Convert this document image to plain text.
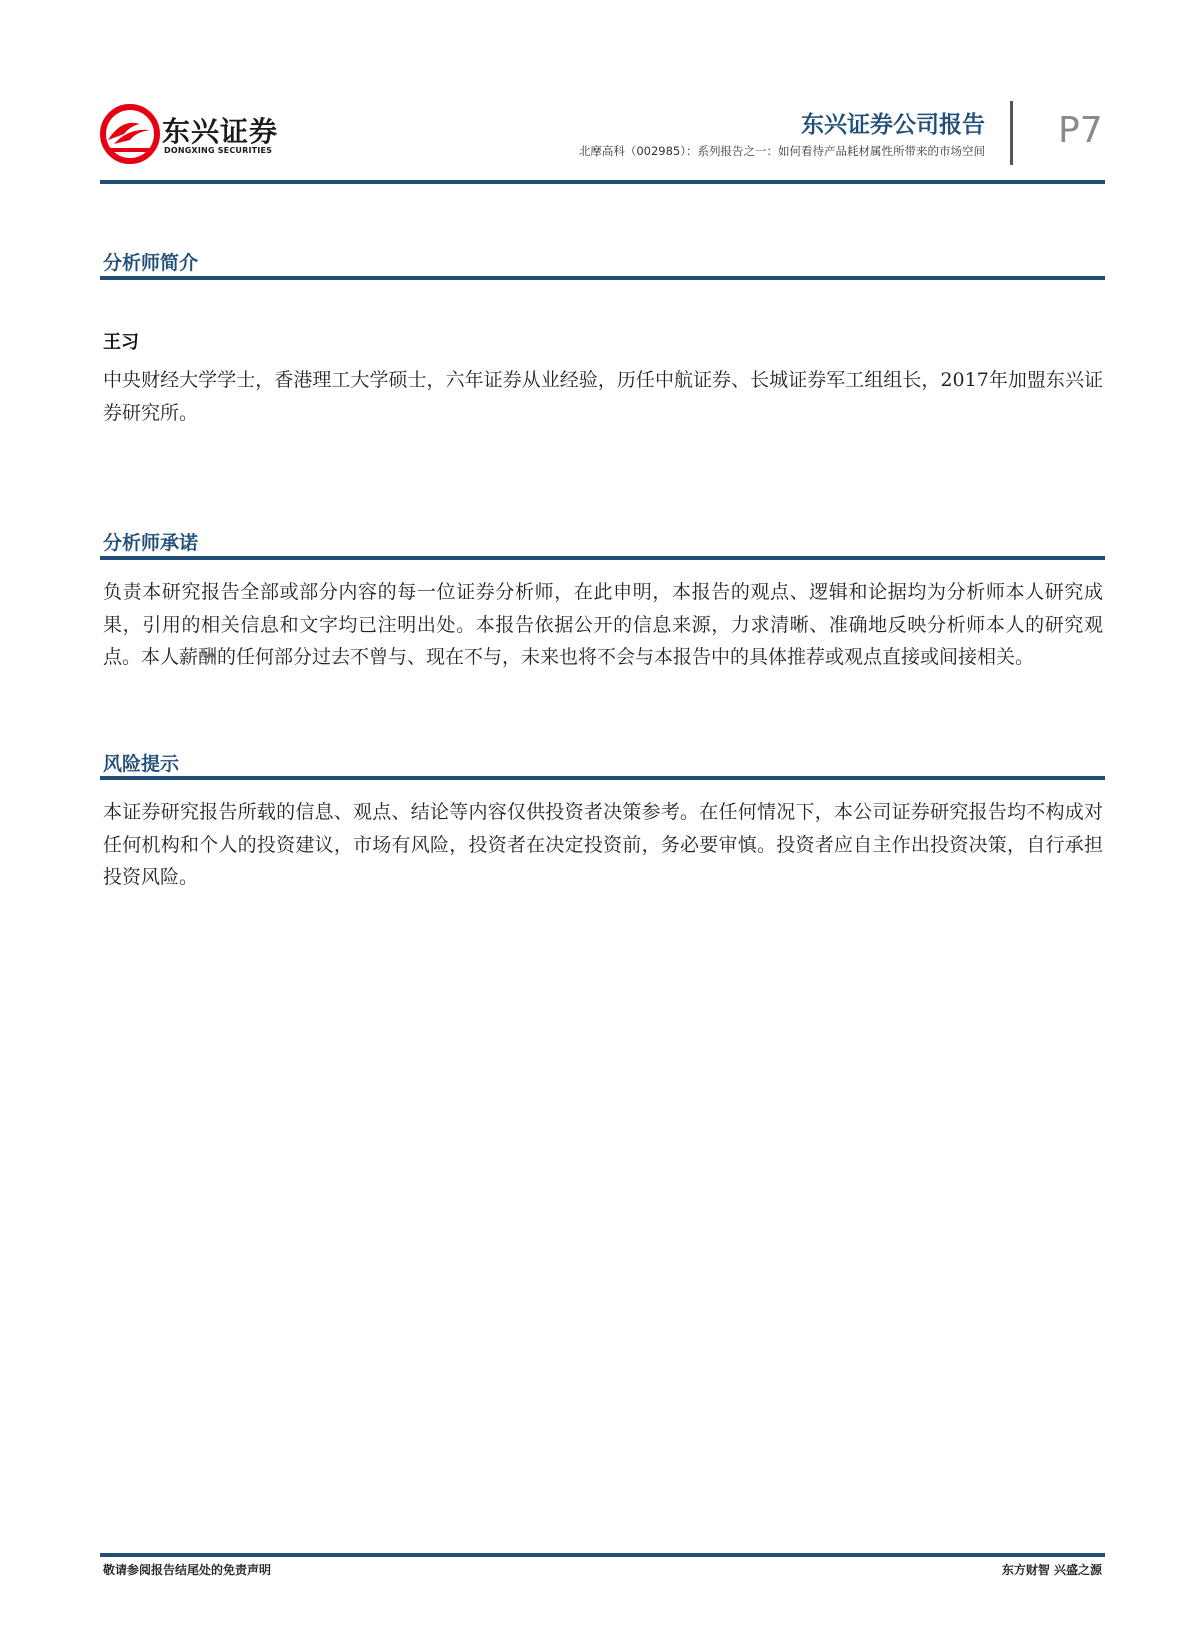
东兴证券
DONGXING SECURITIES
东兴证券公司报告
北摩高科（002985）：系列报告之一：如何看待产品耗材属性所带来的市场空间 P7
分析师简介
王习

中央财经大学学士，香港理工大学硕士，六年证券从业经验，历任中航证券、长城证券军工组组长，2017年加盟东兴证券研究所。

分析师承诺

负责本研究报告全部或部分内容的每一位证券分析师，在此申明，本报告的观点、逻辑和论据均为分析师本人研究成果，引用的相关信息和文字均已注明出处。本报告依据公开的信息来源，力求清晰、准确地反映分析师本人的研究观点。本人薪酬的任何部分过去不曾与、现在不与，未来也将不会与本报告中的具体推荐或观点直接或间接相关。

风险提示

本证券研究报告所载的信息、观点、结论等内容仅供投资者决策参考。在任何情况下，本公司证券研究报告均不构成对任何机构和个人的投资建议，市场有风险，投资者在决定投资前，务必要审慎。投资者应自主作出投资决策，自行承担投资风险。

敬请参阅报告结尾处的免责声明	东方财智 兴盛之源
